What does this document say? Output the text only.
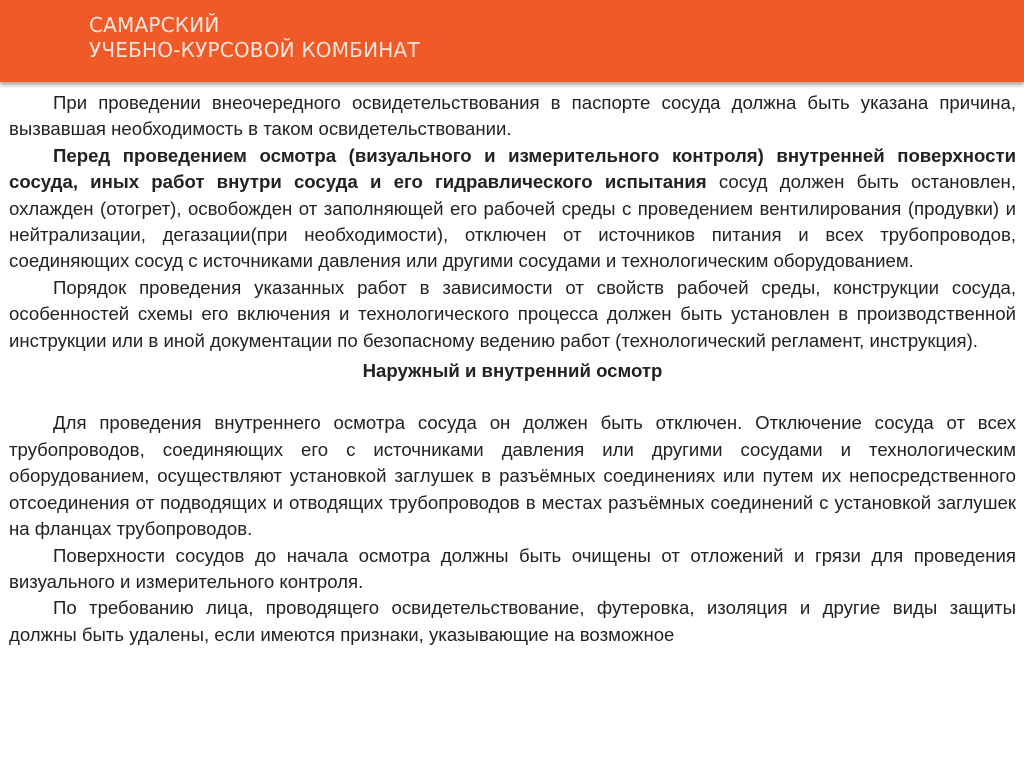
САМАРСКИЙ
УЧЕБНО-КУРСОВОЙ КОМБИНАТ

При проведении внеочередного освидетельствования в паспорте сосуда должна быть указана причина, вызвавшая необходимость в таком освидетельствовании.

Перед проведением осмотра (визуального и измерительного контроля) внутренней поверхности сосуда, иных работ внутри сосуда и его гидравлического испытания сосуд должен быть остановлен, охлажден (отогрет), освобожден от заполняющей его рабочей среды с проведением вентилирования (продувки) и нейтрализации, дегазации(при необходимости), отключен от источников питания и всех трубопроводов, соединяющих сосуд с источниками давления или другими сосудами и технологическим оборудованием.

Порядок проведения указанных работ в зависимости от свойств рабочей среды, конструкции сосуда, особенностей схемы его включения и технологического процесса должен быть установлен в производственной инструкции или в иной документации по безопасному ведению работ (технологический регламент, инструкция).

Наружный и внутренний осмотр

Для проведения внутреннего осмотра сосуда он должен быть отключен. Отключение сосуда от всех трубопроводов, соединяющих его с источниками давления или другими сосудами и технологическим оборудованием, осуществляют установкой заглушек в разъёмных соединениях или путем их непосредственного отсоединения от подводящих и отводящих трубопроводов в местах разъёмных соединений с установкой заглушек на фланцах трубопроводов.

Поверхности сосудов до начала осмотра должны быть очищены от отложений и грязи для проведения визуального и измерительного контроля.

По требованию лица, проводящего освидетельствование, футеровка, изоляция и другие виды защиты должны быть удалены, если имеются признаки, указывающие на возможное
